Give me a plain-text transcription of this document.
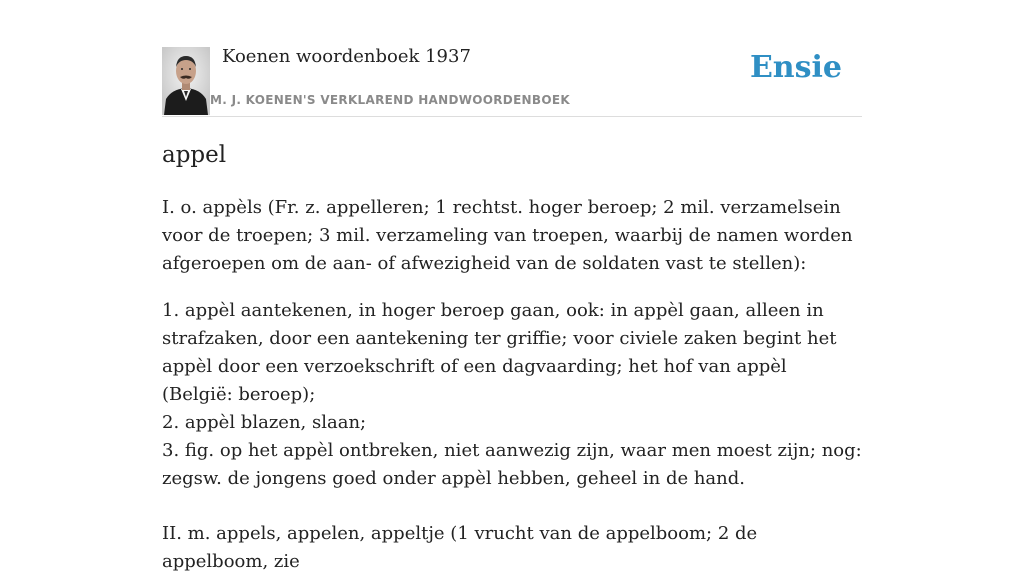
Koenen woordenboek 1937
M. J. KOENEN'S VERKLAREND HANDWOORDENBOEK
Ensie
appel

I. o. appèls (Fr. z. appelleren; 1 rechtst. hoger beroep; 2 mil. verzamelsein voor de troepen; 3 mil. verzameling van troepen, waarbij de namen worden afgeroepen om de aan- of afwezigheid van de soldaten vast te stellen):

1. appèl aantekenen, in hoger beroep gaan, ook: in appèl gaan, alleen in strafzaken, door een aantekening ter griffie; voor civiele zaken begint het appèl door een verzoekschrift of een dagvaarding; het hof van appèl (België: beroep);

2. appèl blazen, slaan;

3. fig. op het appèl ontbreken, niet aanwezig zijn, waar men moest zijn; nog: zegsw. de jongens goed onder appèl hebben, geheel in de hand.

II. m. appels, appelen, appeltje (1 vrucht van de appelboom; 2 de appelboom, zie
